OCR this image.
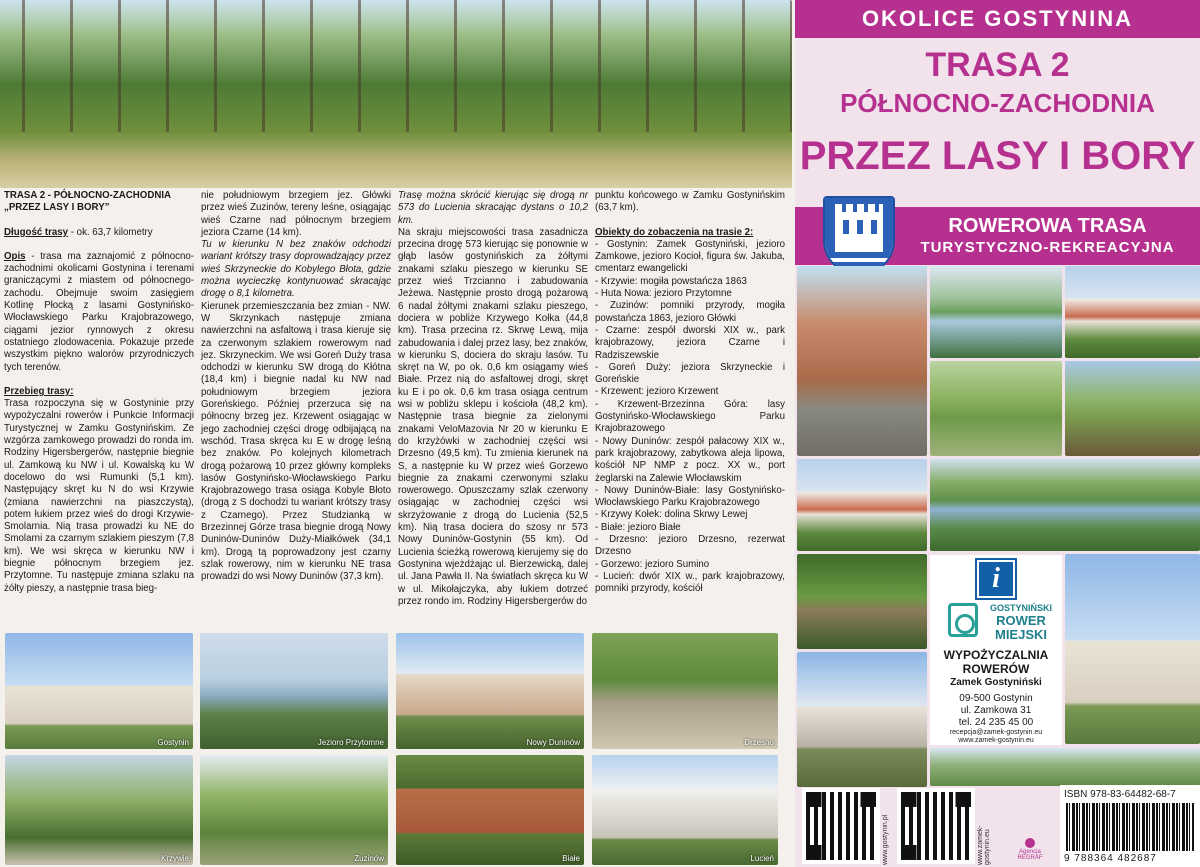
TRASA 2 - PÓŁNOCNO-ZACHODNIA

„PRZEZ LASY I BORY”

Długość trasy - ok. 63,7 kilometry

Opis - trasa ma zaznajomić z północno-zachodnimi okolicami Gostynina i terenami graniczącymi z miastem od północnego-zachodu. Obejmuje swoim zasięgiem Kotlinę Płocką z lasami Gostynińsko-Włocławskiego Parku Krajobrazowego, ciągami jezior rynnowych z okresu ostatniego zlodowacenia. Pokazuje przede wszystkim piękno walorów przyrodniczych tych terenów.

Przebieg trasy:

Trasa rozpoczyna się w Gostyninie przy wypożyczalni rowerów i Punkcie Informacji Turystycznej w Zamku Gostynińskim. Ze wzgórza zamkowego prowadzi do ronda im. Rodziny Higersbergerów, następnie biegnie ul. Zamkową ku NW i ul. Kowalską ku W docelowo do wsi Rumunki (5,1 km). Następujący skręt ku N do wsi Krzywie (zmiana nawierzchni na piaszczystą), potem łukiem przez wieś do drogi Krzywie-Smolarnia. Nią trasa prowadzi ku NE do Smolarni za czarnym szlakiem pieszym (7,8 km). We wsi skręca w kierunku NW i biegnie północnym brzegiem jez. Przytomne. Tu następuje zmiana szlaku na żółty pieszy, a następnie trasa bieg-

nie południowym brzegiem jez. Główki przez wieś Zuzinów, tereny leśne, osiągając wieś Czarne nad północnym brzegiem jeziora Czarne (14 km).

Tu w kierunku N bez znaków odchodzi wariant krótszy trasy doprowadzający przez wieś Skrzyneckie do Kobylego Błota, gdzie można wycieczkę kontynuować skracając drogę o 8,1 kilometra.

Kierunek przemieszczania bez zmian - NW. W Skrzynkach następuje zmiana nawierzchni na asfaltową i trasa kieruje się za czerwonym szlakiem rowerowym nad jez. Skrzyneckim. We wsi Goreń Duży trasa odchodzi w kierunku SW drogą do Kłótna (18,4 km) i biegnie nadal ku NW nad południowym brzegiem jeziora Goreńskiego. Później przerzuca się na północny brzeg jez. Krzewent osiągając w jego zachodniej części drogę odbijającą na wschód. Trasa skręca ku E w drogę leśną bez znaków. Po kolejnych kilometrach drogą pożarową 10 przez główny kompleks lasów Gostynińsko-Włocławskiego Parku Krajobrazowego trasa osiąga Kobyle Błoto (drogą z S dochodzi tu wariant krótszy trasy z Czarnego). Przez Studzianką w Brzezinnej Górze trasa biegnie drogą Nowy Duninów-Duninów Duży-Miałkówek (34,1 km). Drogą tą poprowadzony jest czarny szlak rowerowy, nim w kierunku NE trasa prowadzi do wsi Nowy Duninów (37,3 km).

Trasę można skrócić kierując się drogą nr 573 do Lucienia skracając dystans o 10,2 km.

Na skraju miejscowości trasa zasadnicza przecina drogę 573 kierując się ponownie w głąb lasów gostynińskich za żółtymi znakami szlaku pieszego w kierunku SE przez wieś Trzcianno i zabudowania Jeżewa. Następnie prosto drogą pożarową 6 nadal żółtymi znakami szlaku pieszego, dociera w pobliże Krzywego Kołka (44,8 km). Trasa przecina rz. Skrwę Lewą, mija zabudowania i dalej przez lasy, bez znaków, w kierunku S, dociera do skraju lasów. Tu skręt na W, po ok. 0,6 km osiągamy wieś Białe. Przez nią do asfaltowej drogi, skręt ku E i po ok. 0,6 km trasa osiąga centrum wsi w pobliżu sklepu i kościoła (48,2 km). Następnie trasa biegnie za zielonymi znakami VeloMazovia Nr 20 w kierunku E do krzyżówki w zachodniej części wsi Drzesno (49,5 km). Tu zmienia kierunek na S, a następnie ku W przez wieś Gorzewo biegnie za znakami czerwonymi szlaku rowerowego. Opuszczamy szlak czerwony osiągając w zachodniej części wsi skrzyżowanie z drogą do Lucienia (52,5 km). Nią trasa dociera do szosy nr 573 Nowy Duninów-Gostynin (55 km). Od Lucienia ścieżką rowerową kierujemy się do Gostynina wjeżdżając ul. Bierzewicką, dalej ul. Jana Pawła II. Na światłach skręca ku W w ul. Mikołajczyka, aby łukiem dotrzeć przez rondo im. Rodziny Higersbergerów do

punktu końcowego w Zamku Gostynińskim (63,7 km).

Obiekty do zobaczenia na trasie 2:

- Gostynin: Zamek Gostyniński, jezioro Zamkowe, jezioro Kocioł, figura św. Jakuba, cmentarz ewangelicki

- Krzywie: mogiła powstańcza 1863

- Huta Nowa: jezioro Przytomne

- Zuzinów: pomniki przyrody, mogiła powstańcza 1863, jezioro Główki

- Czarne: zespół dworski XIX w., park krajobrazowy, jeziora Czarne i Radziszewskie

- Goreń Duży: jeziora Skrzyneckie i Goreńskie

- Krzewent: jezioro Krzewent

- Krzewent-Brzezinna Góra: lasy Gostynińsko-Włocławskiego Parku Krajobrazowego

- Nowy Duninów: zespół pałacowy XIX w., park krajobrazowy, zabytkowa aleja lipowa, kościół NP NMP z pocz. XX w., port żeglarski na Zalewie Włocławskim

- Nowy Duninów-Białe: lasy Gostynińsko-Włocławskiego Parku Krajobrazowego

- Krzywy Kołek: dolina Skrwy Lewej

- Białe: jezioro Białe

- Drzesno: jezioro Drzesno, rezerwat Drzesno

- Gorzewo: jezioro Sumino

- Lucień: dwór XIX w., park krajobrazowy, pomniki przyrody, kościół

Gostynin	Jezioro Przytomne	Nowy Duninów	Drzesno
Krzywie	Zuzinów	Białe	Lucień
OKOLICE GOSTYNINA
TRASA 2
PÓŁNOCNO-ZACHODNIA
PRZEZ LASY I BORY
ROWEROWA TRASA
TURYSTYCZNO-REKREACYJNA
i
GOSTYNIŃSKI
ROWER
MIEJSKI
WYPOŻYCZALNIA
ROWERÓW
Zamek Gostyniński
09-500 Gostynin
ul. Zamkowa 31
tel. 24 235 45 00
recepcja@zamek-gostynin.eu
www.zamek-gostynin.eu
www.gostynin.pl	www.zamek-gostynin.eu	Agencja
REGRAF
ISBN 978-83-64482-68-7
9 788364 482687
